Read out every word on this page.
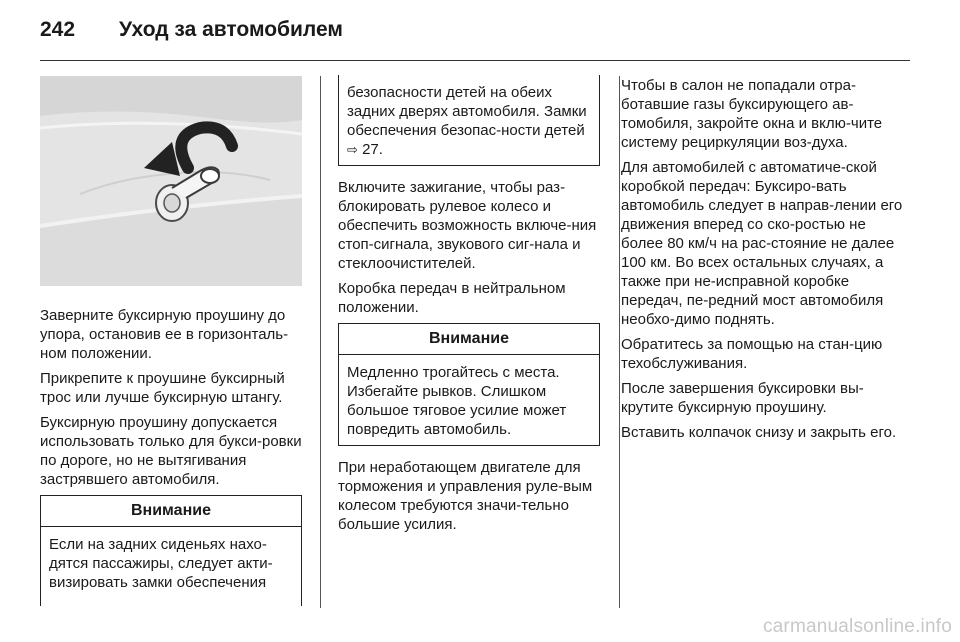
242 Уход за автомобилем

Заверните буксирную проушину до упора, остановив ее в горизонталь-ном положении.

Прикрепите к проушине буксирный трос или лучше буксирную штангу.

Буксирную проушину допускается использовать только для букси-ровки по дороге, но не вытягивания застрявшего автомобиля.

Внимание

Если на задних сиденьях нахо-дятся пассажиры, следует акти-визировать замки обеспечения

безопасности детей на обеих задних дверях автомобиля. Замки обеспечения безопас-ности детей ⇨ 27.

Включите зажигание, чтобы раз-блокировать рулевое колесо и обеспечить возможность включе-ния стоп-сигнала, звукового сиг-нала и стеклоочистителей.

Коробка передач в нейтральном положении.

Внимание

Медленно трогайтесь с места. Избегайте рывков. Слишком большое тяговое усилие может повредить автомобиль.

При неработающем двигателе для торможения и управления руле-вым колесом требуются значи-тельно большие усилия.

Чтобы в салон не попадали отра-ботавшие газы буксирующего ав-томобиля, закройте окна и вклю-чите систему рециркуляции воз-духа.

Для автомобилей с автоматиче-ской коробкой передач: Буксиро-вать автомобиль следует в направ-лении его движения вперед со ско-ростью не более 80 км/ч на рас-стояние не далее 100 км. Во всех остальных случаях, а также при не-исправной коробке передач, пе-редний мост автомобиля необхо-димо поднять.

Обратитесь за помощью на стан-цию техобслуживания.

После завершения буксировки вы-крутите буксирную проушину.

Вставить колпачок снизу и закрыть его.

carmanualsonline.info
